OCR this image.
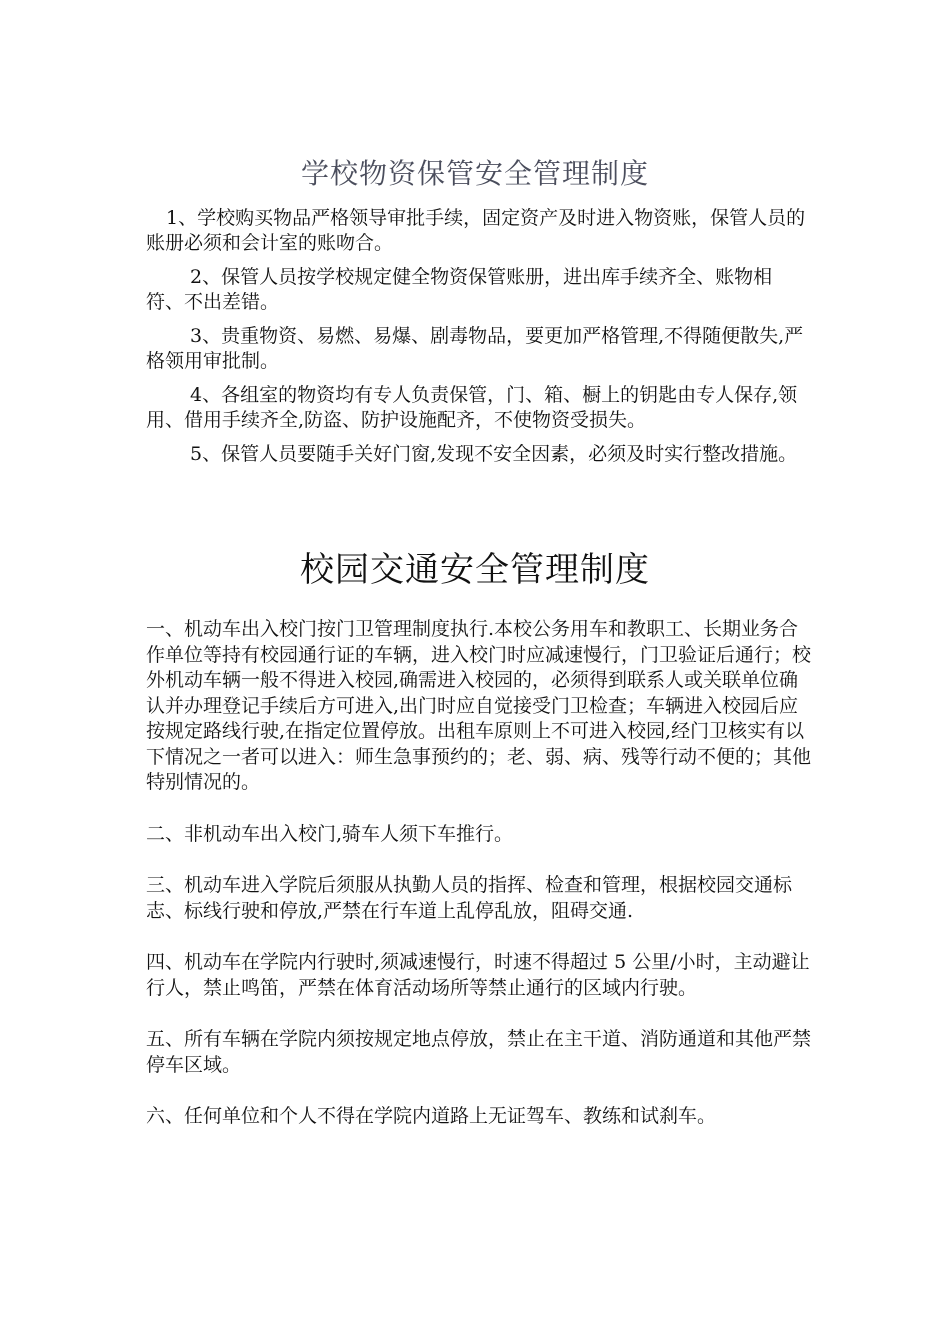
学校物资保管安全管理制度

1、学校购买物品严格领导审批手续，固定资产及时进入物资账，保管人员的账册必须和会计室的账吻合。

2、保管人员按学校规定健全物资保管账册，进出库手续齐全、账物相符、不出差错。

3、贵重物资、易燃、易爆、剧毒物品，要更加严格管理,不得随便散失,严格领用审批制。

4、各组室的物资均有专人负责保管，门、箱、橱上的钥匙由专人保存,领用、借用手续齐全,防盗、防护设施配齐，不使物资受损失。

5、保管人员要随手关好门窗,发现不安全因素，必须及时实行整改措施。

校园交通安全管理制度

一、机动车出入校门按门卫管理制度执行.本校公务用车和教职工、长期业务合作单位等持有校园通行证的车辆，进入校门时应减速慢行，门卫验证后通行；校外机动车辆一般不得进入校园,确需进入校园的，必须得到联系人或关联单位确认并办理登记手续后方可进入,出门时应自觉接受门卫检查；车辆进入校园后应按规定路线行驶,在指定位置停放。出租车原则上不可进入校园,经门卫核实有以下情况之一者可以进入：师生急事预约的；老、弱、病、残等行动不便的；其他特别情况的。

二、非机动车出入校门,骑车人须下车推行。

三、机动车进入学院后须服从执勤人员的指挥、检查和管理，根据校园交通标志、标线行驶和停放,严禁在行车道上乱停乱放，阻碍交通.

四、机动车在学院内行驶时,须减速慢行，时速不得超过 5 公里/小时，主动避让行人，禁止鸣笛，严禁在体育活动场所等禁止通行的区域内行驶。

五、所有车辆在学院内须按规定地点停放，禁止在主干道、消防通道和其他严禁停车区域。

六、任何单位和个人不得在学院内道路上无证驾车、教练和试刹车。
